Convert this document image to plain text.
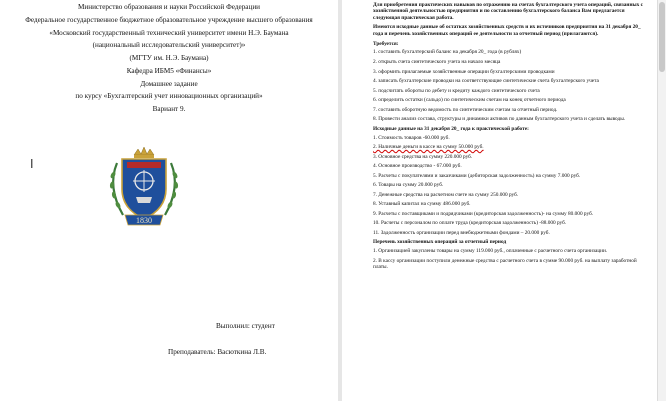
Министерство образования и науки Российской Федерации
Федеральное государственное бюджетное образовательное учреждение высшего образования
«Московский государственный технический университет имени Н.Э. Баумана
(национальный исследовательский университет)»
(МГТУ им. Н.Э. Баумана)
Кафедра ИБМ5 «Финансы»
Домашнее задание
по курсу «Бухгалтерский учет инновационных организаций»
Вариант 9.
I
1830
Выполнил: студент
Преподаватель: Васюткина Л.В.
Для приобретения практических навыков по отражению на счетах бухгалтерского учета операций, связанных с хозяйственной деятельностью предприятия и по составлению бухгалтерского баланса Вам предлагается следующая практическая работа.
Имеются исходные данные об остатках хозяйственных средств и их источников предприятия на 31 декабря 20_ года и перечень хозяйственных операций ее деятельности за отчетный период (прилагаются).
Требуется:
1. составить бухгалтерский баланс на декабря 20_ года (в рублях)
2. открыть счета синтетического учета на начало месяца
3. оформить прилагаемые хозяйственные операции бухгалтерскими проводками
4. записать бухгалтерские проводки на соответствующие синтетические счета бухгалтерского учета
5. подсчитать обороты по дебету и кредиту каждого синтетического счета
6. определить остатки (сальдо) по синтетическим счетам на конец отчетного периода
7. составить оборотную ведомость по синтетическим счетам за отчетный период.
8. Провести анализ состава, структуры и динамики активов по данным бухгалтерского учета и сделать выводы.
Исходные данные на 31 декабря 20_ года к практической работе:
1. Стоимость товаров -60.000 руб.
2. Наличные деньги в кассе на сумму 50.000 руб.
3. Основное средства на сумму 220.000 руб.
4. Основное производство - 67.000 руб.
5. Расчеты с покупателями и заказчиками (дебиторская задолженность) на сумму 7.000 руб.
6. Товары на сумму 20.000 руб.
7. Денежные средства на расчетном счете на сумму 250.000 руб.
8. Уставный капитал на сумму 486.000 руб.
9. Расчеты с поставщиками и подрядчиками (кредиторская задолженность)- на сумму 80.000 руб.
10. Расчеты с персоналом по оплате труда (кредиторская задолженность) -88.000 руб.
11. Задолженность организации перед внебюджетными фондами – 20.000 руб.
Перечень хозяйственных операций за отчетный период
1. Организацией закуплены товары на сумму 119.000 руб., оплаченные с расчетного счета организации.
2. В кассу организации поступили денежные средства с расчетного счета в сумме 90.000 руб. на выплату заработной платы.
